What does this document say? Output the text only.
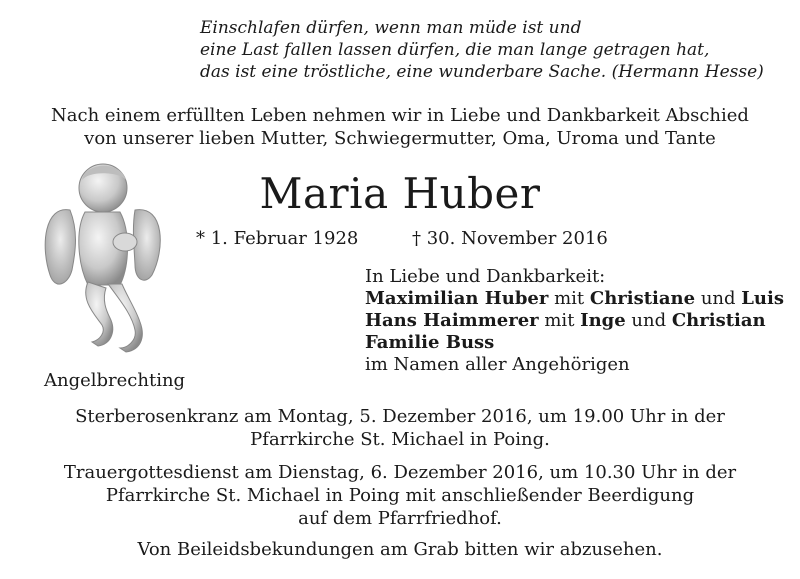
Einschlafen dürfen, wenn man müde ist und
eine Last fallen lassen dürfen, die man lange getragen hat,
das ist eine tröstliche, eine wunderbare Sache. (Hermann Hesse)
Nach einem erfüllten Leben nehmen wir in Liebe und Dankbarkeit Abschied
von unserer lieben Mutter, Schwiegermutter, Oma, Uroma und Tante
Maria Huber
* 1. Februar 1928	† 30. November 2016
In Liebe und Dankbarkeit:
Maximilian Huber mit Christiane und Luis
Hans Haimmerer mit Inge und Christian
Familie Buss
im Namen aller Angehörigen
Angelbrechting
Sterberosenkranz am Montag, 5. Dezember 2016, um 19.00 Uhr in der
Pfarrkirche St. Michael in Poing.
Trauergottesdienst am Dienstag, 6. Dezember 2016, um 10.30 Uhr in der
Pfarrkirche St. Michael in Poing mit anschließender Beerdigung
auf dem Pfarrfriedhof.
Von Beileidsbekundungen am Grab bitten wir abzusehen.
